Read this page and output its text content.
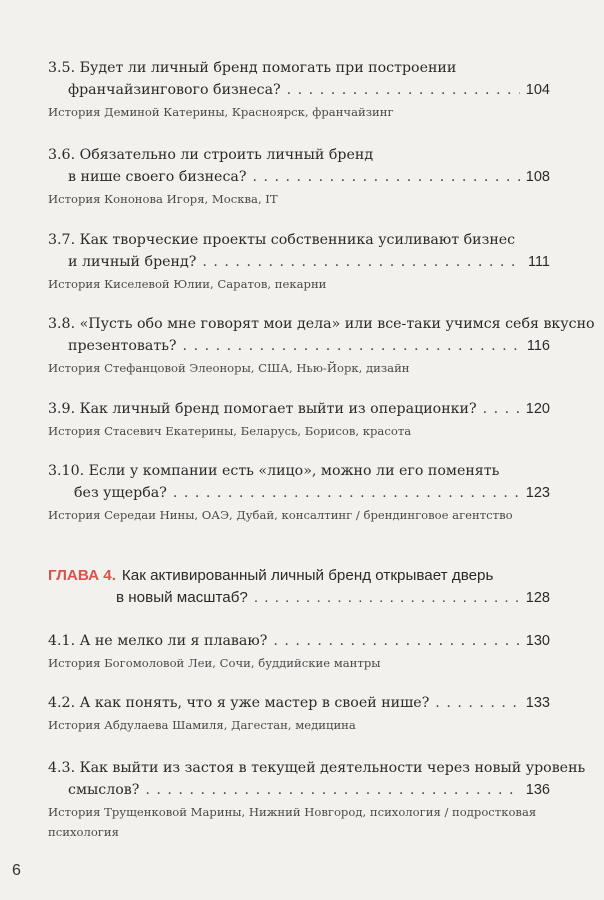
3.5. Будет ли личный бренд помогать при построении
франчайзингового бизнеса? . . .	104
История Деминой Катерины, Красноярск, франчайзинг
3.6. Обязательно ли строить личный бренд
в нише своего бизнеса? . . .	108
История Кононова Игоря, Москва, IT
3.7. Как творческие проекты собственника усиливают бизнес
и личный бренд? . . .	111
История Киселевой Юлии, Саратов, пекарни
3.8. «Пусть обо мне говорят мои дела» или все-таки учимся себя вкусно
презентовать? . . .	116
История Стефанцовой Элеоноры, США, Нью-Йорк, дизайн
3.9. Как личный бренд помогает выйти из операционки? . . .	120
История Стасевич Екатерины, Беларусь, Борисов, красота
3.10. Если у компании есть «лицо», можно ли его поменять
без ущерба? . . .	123
История Середаи Нины, ОАЭ, Дубай, консалтинг / брендинговое агентство
ГЛАВА 4. Как активированный личный бренд открывает дверь
в новый масштаб? . . .	128
4.1. А не мелко ли я плаваю? . . .	130
История Богомоловой Леи, Сочи, буддийские мантры
4.2. А как понять, что я уже мастер в своей нише? . . .	133
История Абдулаева Шамиля, Дагестан, медицина
4.3. Как выйти из застоя в текущей деятельности через новый уровень
смыслов? . . .	136
История Трущенковой Марины, Нижний Новгород, психология / подростковая
психология
6
